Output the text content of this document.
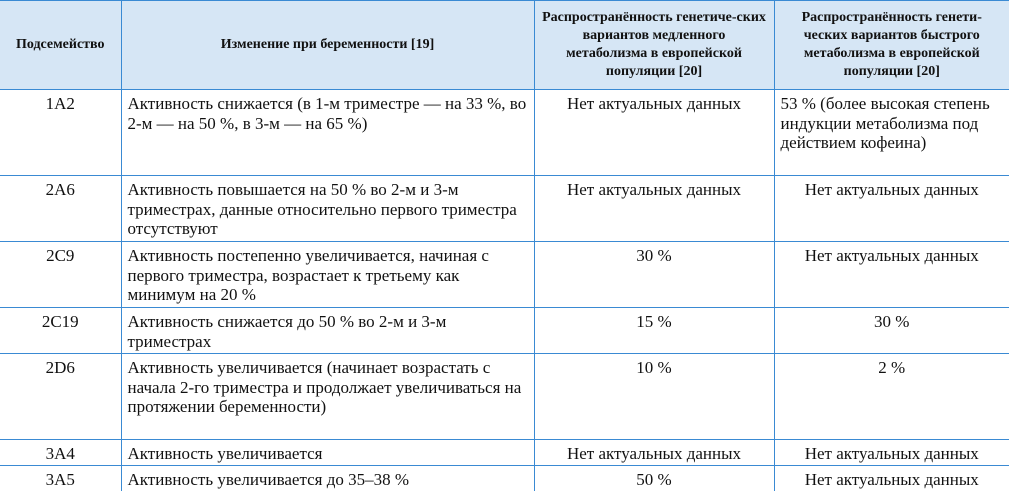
Подсемейство	Изменение при беременности [19]	Распространённость генетиче-ских вариантов медленного метаболизма в европейской популяции [20]	Распространённость генети-ческих вариантов быстрого метаболизма в европейской популяции [20]
1A2	Активность снижается (в 1-м триместре — на 33 %, во 2-м — на 50 %, в 3-м — на 65 %)	Нет актуальных данных	53 % (более высокая степень индукции метаболизма под действием кофеина)
2A6	Активность повышается на 50 % во 2-м и 3-м триместрах, данные относительно первого триместра отсутствуют	Нет актуальных данных	Нет актуальных данных
2C9	Активность постепенно увеличивается, начиная с первого триместра, возрастает к третьему как минимум на 20 %	30 %	Нет актуальных данных
2C19	Активность снижается до 50 % во 2-м и 3-м триместрах	15 %	30 %
2D6	Активность увеличивается (начинает возрастать с начала 2-го триместра и продолжает увеличиваться на протяжении беременности)	10 %	2 %
3A4	Активность увеличивается	Нет актуальных данных	Нет актуальных данных
3A5	Активность увеличивается до 35–38 %	50 %	Нет актуальных данных
